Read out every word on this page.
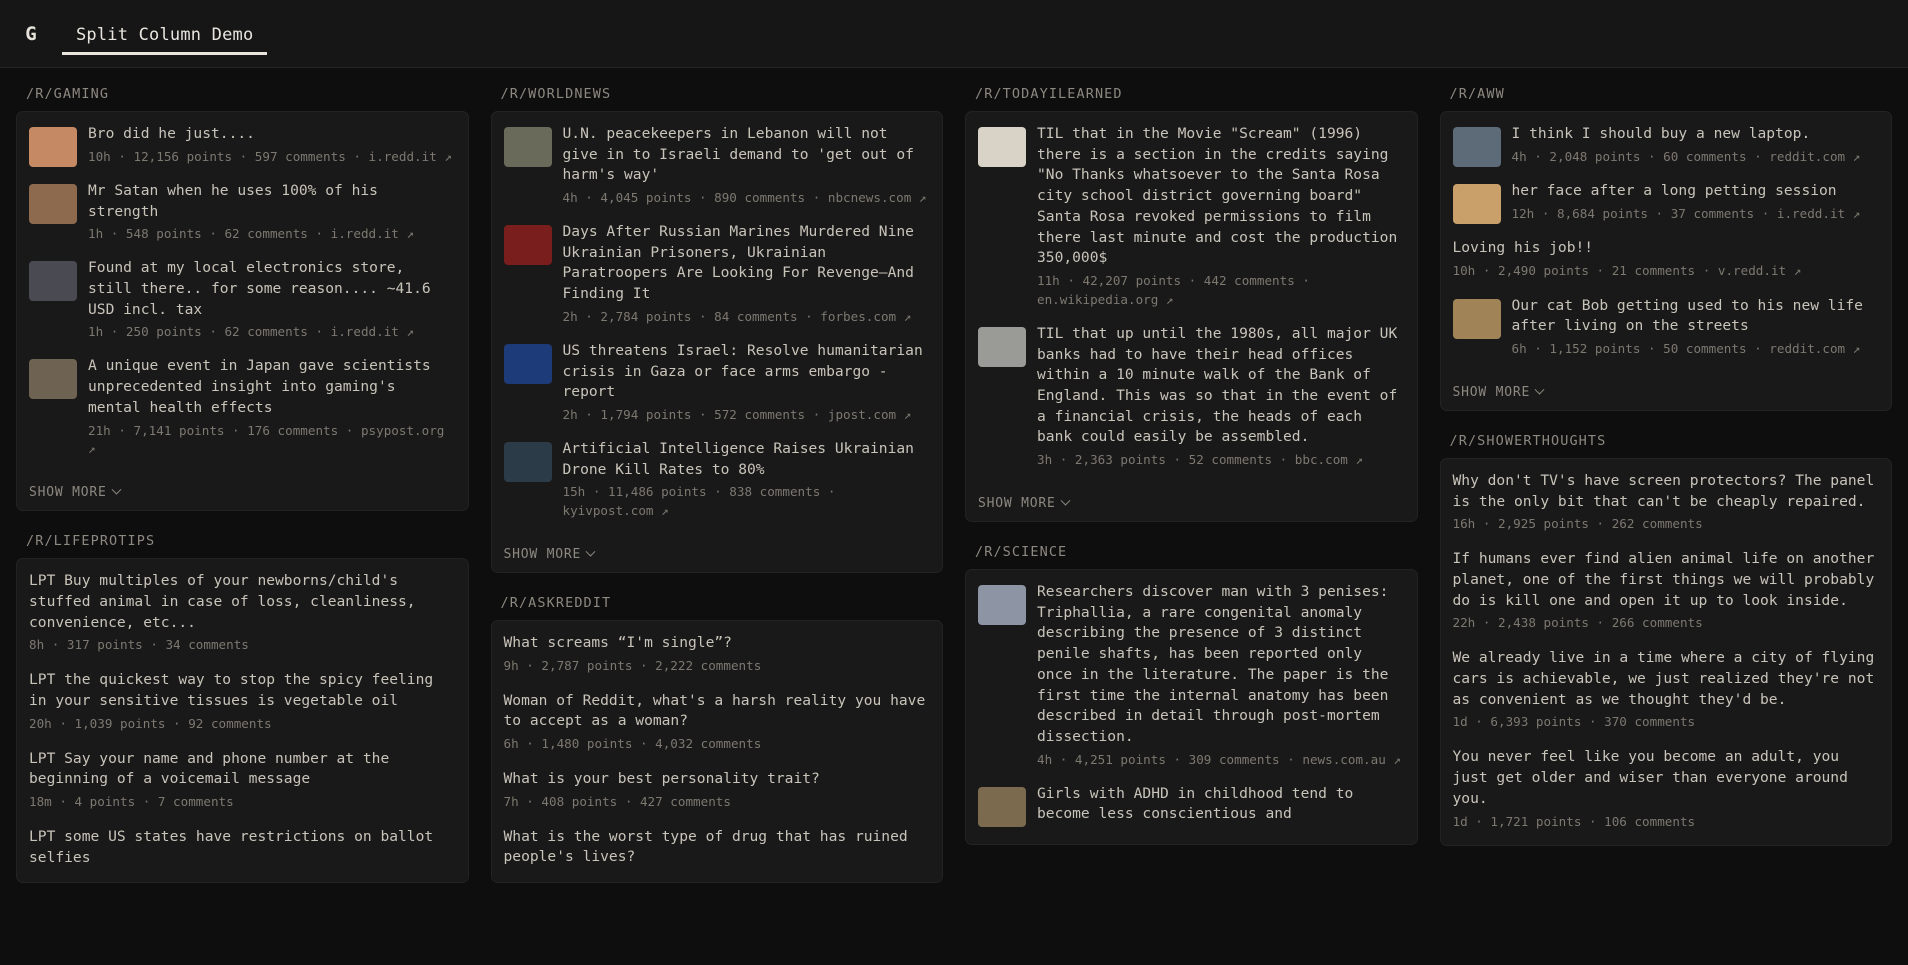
G	Split Column Demo
/R/GAMING
Bro did he just....
10h · 12,156 points · 597 comments · i.redd.it ↗
Mr Satan when he uses 100% of his strength
1h · 548 points · 62 comments · i.redd.it ↗
Found at my local electronics store, still there.. for some reason.... ~41.6 USD incl. tax
1h · 250 points · 62 comments · i.redd.it ↗
A unique event in Japan gave scientists unprecedented insight into gaming's mental health effects
21h · 7,141 points · 176 comments · psypost.org ↗
SHOW MORE
/R/LIFEPROTIPS
LPT Buy multiples of your newborns/child's stuffed animal in case of loss, cleanliness, convenience, etc...
8h · 317 points · 34 comments
LPT the quickest way to stop the spicy feeling in your sensitive tissues is vegetable oil
20h · 1,039 points · 92 comments
LPT Say your name and phone number at the beginning of a voicemail message
18m · 4 points · 7 comments
LPT some US states have restrictions on ballot selfies
/R/WORLDNEWS
U.N. peacekeepers in Lebanon will not give in to Israeli demand to 'get out of harm's way'
4h · 4,045 points · 890 comments · nbcnews.com ↗
Days After Russian Marines Murdered Nine Ukrainian Prisoners, Ukrainian Paratroopers Are Looking For Revenge—And Finding It
2h · 2,784 points · 84 comments · forbes.com ↗
US threatens Israel: Resolve humanitarian crisis in Gaza or face arms embargo - report
2h · 1,794 points · 572 comments · jpost.com ↗
Artificial Intelligence Raises Ukrainian Drone Kill Rates to 80%
15h · 11,486 points · 838 comments · kyivpost.com ↗
SHOW MORE
/R/ASKREDDIT
What screams “I'm single”?
9h · 2,787 points · 2,222 comments
Woman of Reddit, what's a harsh reality you have to accept as a woman?
6h · 1,480 points · 4,032 comments
What is your best personality trait?
7h · 408 points · 427 comments
What is the worst type of drug that has ruined people's lives?
/R/TODAYILEARNED
TIL that in the Movie "Scream" (1996) there is a section in the credits saying "No Thanks whatsoever to the Santa Rosa city school district governing board" Santa Rosa revoked permissions to film there last minute and cost the production 350,000$
11h · 42,207 points · 442 comments · en.wikipedia.org ↗
TIL that up until the 1980s, all major UK banks had to have their head offices within a 10 minute walk of the Bank of England. This was so that in the event of a financial crisis, the heads of each bank could easily be assembled.
3h · 2,363 points · 52 comments · bbc.com ↗
SHOW MORE
/R/SCIENCE
Researchers discover man with 3 penises: Triphallia, a rare congenital anomaly describing the presence of 3 distinct penile shafts, has been reported only once in the literature. The paper is the first time the internal anatomy has been described in detail through post-mortem dissection.
4h · 4,251 points · 309 comments · news.com.au ↗
Girls with ADHD in childhood tend to become less conscientious and
/R/AWW
I think I should buy a new laptop.
4h · 2,048 points · 60 comments · reddit.com ↗
her face after a long petting session
12h · 8,684 points · 37 comments · i.redd.it ↗
Loving his job!!
10h · 2,490 points · 21 comments · v.redd.it ↗
Our cat Bob getting used to his new life after living on the streets
6h · 1,152 points · 50 comments · reddit.com ↗
SHOW MORE
/R/SHOWERTHOUGHTS
Why don't TV's have screen protectors? The panel is the only bit that can't be cheaply repaired.
16h · 2,925 points · 262 comments
If humans ever find alien animal life on another planet, one of the first things we will probably do is kill one and open it up to look inside.
22h · 2,438 points · 266 comments
We already live in a time where a city of flying cars is achievable, we just realized they're not as convenient as we thought they'd be.
1d · 6,393 points · 370 comments
You never feel like you become an adult, you just get older and wiser than everyone around you.
1d · 1,721 points · 106 comments
